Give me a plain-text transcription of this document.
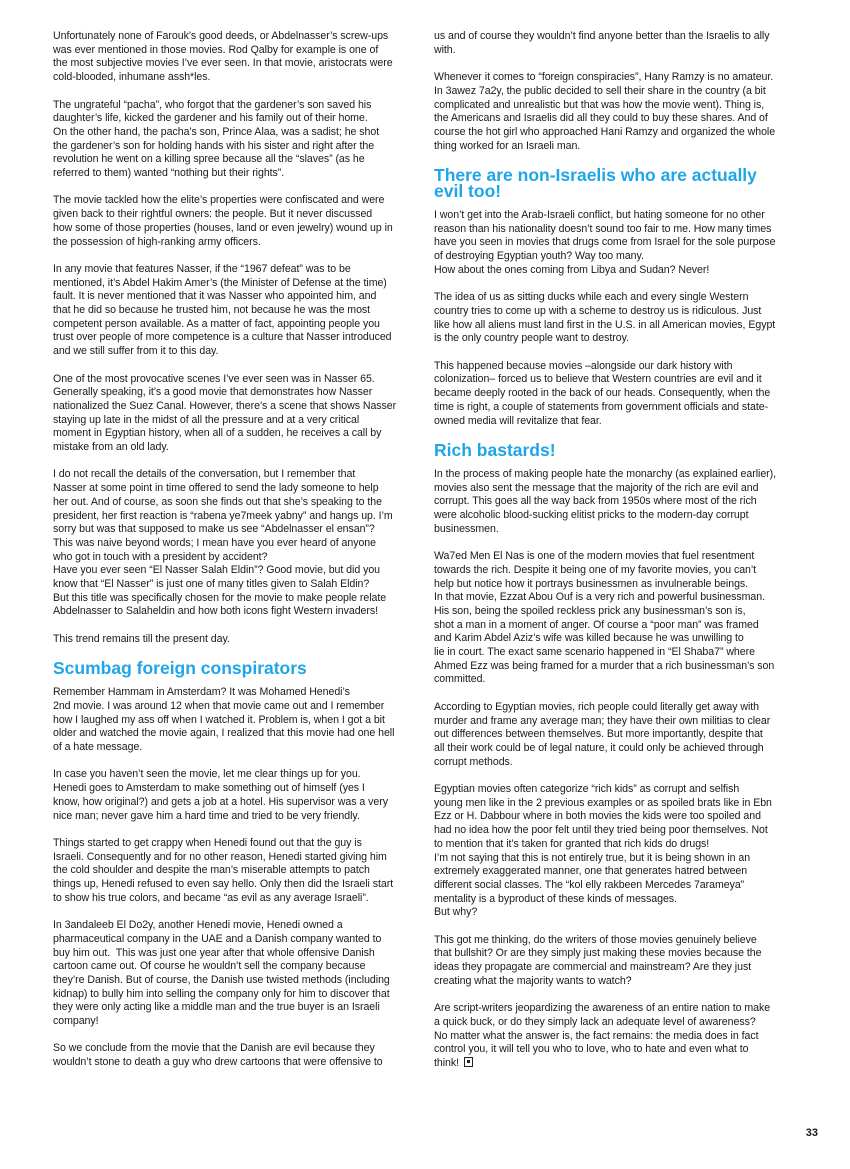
Unfortunately none of Farouk’s good deeds, or Abdelnasser’s screw-ups
was ever mentioned in those movies. Rod Qalby for example is one of
the most subjective movies I’ve ever seen. In that movie, aristocrats were
cold-blooded, inhumane assh*les.

The ungrateful “pacha”, who forgot that the gardener’s son saved his
daughter’s life, kicked the gardener and his family out of their home.
On the other hand, the pacha’s son, Prince Alaa, was a sadist; he shot
the gardener’s son for holding hands with his sister and right after the
revolution he went on a killing spree because all the “slaves” (as he
referred to them) wanted “nothing but their rights”.

The movie tackled how the elite’s properties were confiscated and were
given back to their rightful owners: the people. But it never discussed
how some of those properties (houses, land or even jewelry) wound up in
the possession of high-ranking army officers.

In any movie that features Nasser, if the “1967 defeat” was to be
mentioned, it’s Abdel Hakim Amer’s (the Minister of Defense at the time)
fault. It is never mentioned that it was Nasser who appointed him, and
that he did so because he trusted him, not because he was the most
competent person available. As a matter of fact, appointing people you
trust over people of more competence is a culture that Nasser introduced
and we still suffer from it to this day.

One of the most provocative scenes I’ve ever seen was in Nasser 65.
Generally speaking, it’s a good movie that demonstrates how Nasser
nationalized the Suez Canal. However, there’s a scene that shows Nasser
staying up late in the midst of all the pressure and at a very critical
moment in Egyptian history, when all of a sudden, he receives a call by
mistake from an old lady.

I do not recall the details of the conversation, but I remember that
Nasser at some point in time offered to send the lady someone to help
her out. And of course, as soon she finds out that she’s speaking to the
president, her first reaction is “rabena ye7meek yabny” and hangs up. I’m
sorry but was that supposed to make us see “Abdelnasser el ensan”?
This was naive beyond words; I mean have you ever heard of anyone
who got in touch with a president by accident?
Have you ever seen “El Nasser Salah Eldin”? Good movie, but did you
know that “El Nasser” is just one of many titles given to Salah Eldin?
But this title was specifically chosen for the movie to make people relate
Abdelnasser to Salaheldin and how both icons fight Western invaders!

This trend remains till the present day.

Scumbag foreign conspirators

Remember Hammam in Amsterdam? It was Mohamed Henedi’s
2nd movie. I was around 12 when that movie came out and I remember
how I laughed my ass off when I watched it. Problem is, when I got a bit
older and watched the movie again, I realized that this movie had one hell
of a hate message.

In case you haven’t seen the movie, let me clear things up for you.
Henedi goes to Amsterdam to make something out of himself (yes I
know, how original?) and gets a job at a hotel. His supervisor was a very
nice man; never gave him a hard time and tried to be very friendly.

Things started to get crappy when Henedi found out that the guy is
Israeli. Consequently and for no other reason, Henedi started giving him
the cold shoulder and despite the man’s miserable attempts to patch
things up, Henedi refused to even say hello. Only then did the Israeli start
to show his true colors, and became “as evil as any average Israeli”.

In 3andaleeb El Do2y, another Henedi movie, Henedi owned a
pharmaceutical company in the UAE and a Danish company wanted to
buy him out.  This was just one year after that whole offensive Danish
cartoon came out. Of course he wouldn’t sell the company because
they’re Danish. But of course, the Danish use twisted methods (including
kidnap) to bully him into selling the company only for him to discover that
they were only acting like a middle man and the true buyer is an Israeli
company!

So we conclude from the movie that the Danish are evil because they
wouldn’t stone to death a guy who drew cartoons that were offensive to

us and of course they wouldn’t find anyone better than the Israelis to ally
with.

Whenever it comes to “foreign conspiracies”, Hany Ramzy is no amateur.
In 3awez 7a2y, the public decided to sell their share in the country (a bit
complicated and unrealistic but that was how the movie went). Thing is,
the Americans and Israelis did all they could to buy these shares. And of
course the hot girl who approached Hani Ramzy and organized the whole
thing worked for an Israeli man.

There are non-Israelis who are actually
evil too!

I won’t get into the Arab-Israeli conflict, but hating someone for no other
reason than his nationality doesn’t sound too fair to me. How many times
have you seen in movies that drugs come from Israel for the sole purpose
of destroying Egyptian youth? Way too many.
How about the ones coming from Libya and Sudan? Never!

The idea of us as sitting ducks while each and every single Western
country tries to come up with a scheme to destroy us is ridiculous. Just
like how all aliens must land first in the U.S. in all American movies, Egypt
is the only country people want to destroy.

This happened because movies –alongside our dark history with
colonization– forced us to believe that Western countries are evil and it
became deeply rooted in the back of our heads. Consequently, when the
time is right, a couple of statements from government officials and state-
owned media will revitalize that fear.

Rich bastards!

In the process of making people hate the monarchy (as explained earlier),
movies also sent the message that the majority of the rich are evil and
corrupt. This goes all the way back from 1950s where most of the rich
were alcoholic blood-sucking elitist pricks to the modern-day corrupt
businessmen.

Wa7ed Men El Nas is one of the modern movies that fuel resentment
towards the rich. Despite it being one of my favorite movies, you can’t
help but notice how it portrays businessmen as invulnerable beings.
In that movie, Ezzat Abou Ouf is a very rich and powerful businessman.
His son, being the spoiled reckless prick any businessman’s son is,
shot a man in a moment of anger. Of course a “poor man” was framed
and Karim Abdel Aziz’s wife was killed because he was unwilling to
lie in court. The exact same scenario happened in “El Shaba7” where
Ahmed Ezz was being framed for a murder that a rich businessman’s son
committed.

According to Egyptian movies, rich people could literally get away with
murder and frame any average man; they have their own militias to clear
out differences between themselves. But more importantly, despite that
all their work could be of legal nature, it could only be achieved through
corrupt methods.

Egyptian movies often categorize “rich kids” as corrupt and selfish
young men like in the 2 previous examples or as spoiled brats like in Ebn
Ezz or H. Dabbour where in both movies the kids were too spoiled and
had no idea how the poor felt until they tried being poor themselves. Not
to mention that it’s taken for granted that rich kids do drugs!
I’m not saying that this is not entirely true, but it is being shown in an
extremely exaggerated manner, one that generates hatred between
different social classes. The “kol elly rakbeen Mercedes 7arameya”
mentality is a byproduct of these kinds of messages.
But why?

This got me thinking, do the writers of those movies genuinely believe
that bullshit? Or are they simply just making these movies because the
ideas they propagate are commercial and mainstream? Are they just
creating what the majority wants to watch?

Are script-writers jeopardizing the awareness of an entire nation to make
a quick buck, or do they simply lack an adequate level of awareness?
No matter what the answer is, the fact remains: the media does in fact
control you, it will tell you who to love, who to hate and even what to
think!

33
